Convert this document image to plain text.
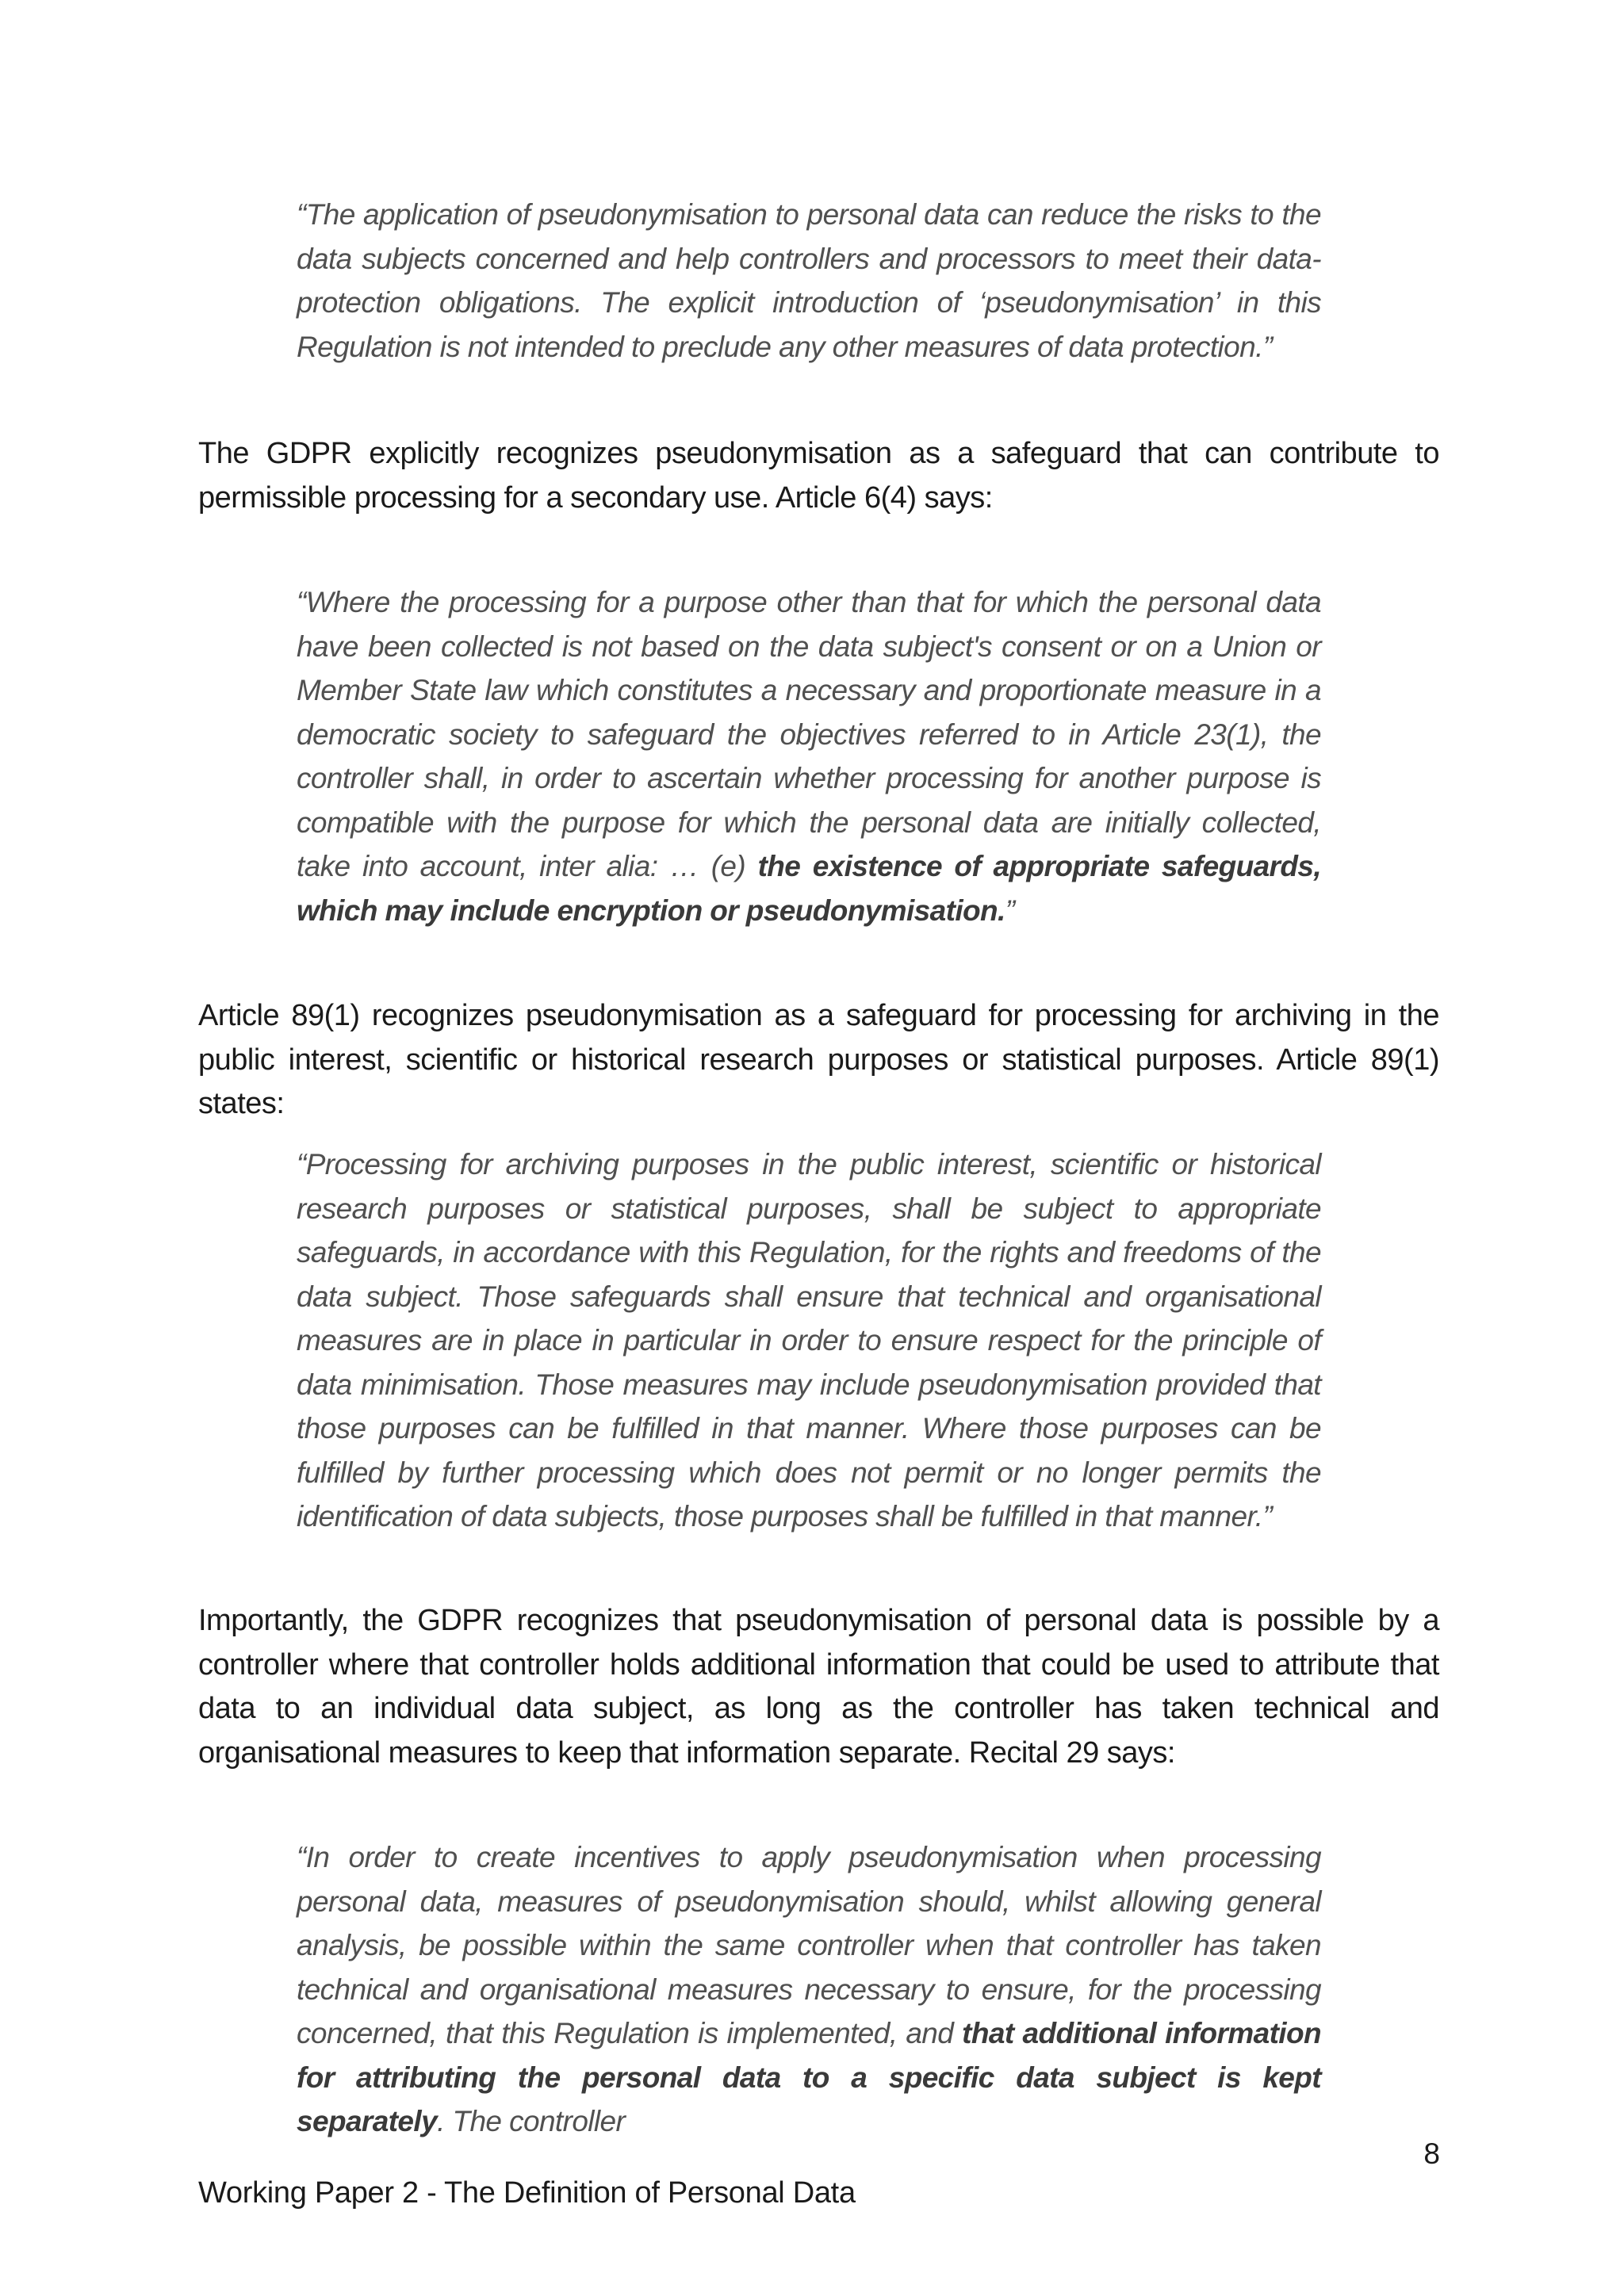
“The application of pseudonymisation to personal data can reduce the risks to the data subjects concerned and help controllers and processors to meet their data-protection obligations. The explicit introduction of ‘pseudonymisation’ in this Regulation is not intended to preclude any other measures of data protection.”

The GDPR explicitly recognizes pseudonymisation as a safeguard that can contribute to permissible processing for a secondary use. Article 6(4) says:

“Where the processing for a purpose other than that for which the personal data have been collected is not based on the data subject's consent or on a Union or Member State law which constitutes a necessary and proportionate measure in a democratic society to safeguard the objectives referred to in Article 23(1), the controller shall, in order to ascertain whether processing for another purpose is compatible with the purpose for which the personal data are initially collected, take into account, inter alia: … (e) the existence of appropriate safeguards, which may include encryption or pseudonymisation.”

Article 89(1) recognizes pseudonymisation as a safeguard for processing for archiving in the public interest, scientific or historical research purposes or statistical purposes. Article 89(1) states:

“Processing for archiving purposes in the public interest, scientific or historical research purposes or statistical purposes, shall be subject to appropriate safeguards, in accordance with this Regulation, for the rights and freedoms of the data subject. Those safeguards shall ensure that technical and organisational measures are in place in particular in order to ensure respect for the principle of data minimisation. Those measures may include pseudonymisation provided that those purposes can be fulfilled in that manner. Where those purposes can be fulfilled by further processing which does not permit or no longer permits the identification of data subjects, those purposes shall be fulfilled in that manner.”

Importantly, the GDPR recognizes that pseudonymisation of personal data is possible by a controller where that controller holds additional information that could be used to attribute that data to an individual data subject, as long as the controller has taken technical and organisational measures to keep that information separate. Recital 29 says:

“In order to create incentives to apply pseudonymisation when processing personal data, measures of pseudonymisation should, whilst allowing general analysis, be possible within the same controller when that controller has taken technical and organisational measures necessary to ensure, for the processing concerned, that this Regulation is implemented, and that additional information for attributing the personal data to a specific data subject is kept separately. The controller

8
Working Paper 2 - The Definition of Personal Data
